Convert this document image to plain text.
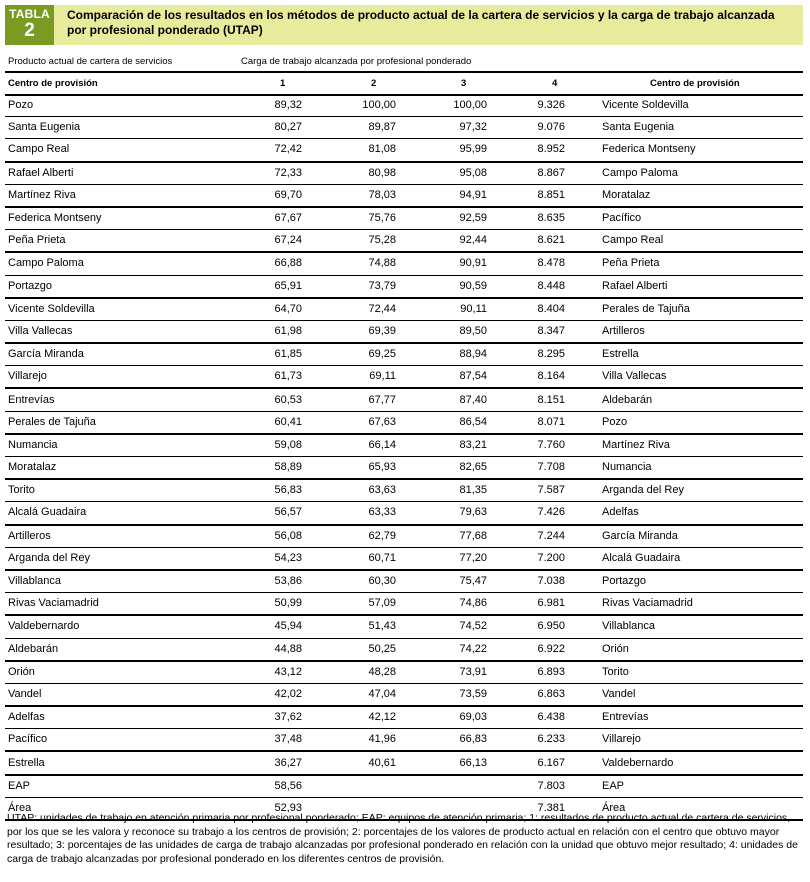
TABLA
2
Comparación de los resultados en los métodos de producto actual de la cartera de servicios y la carga de trabajo alcanzada por profesional ponderado (UTAP)
Producto actual de cartera de servicios	Carga de trabajo alcanzada por profesional ponderado
Centro de provisión	1	2	3	4	Centro de provisión
Pozo	89,32	100,00	100,00	9.326	Vicente Soldevilla
Santa Eugenia	80,27	89,87	97,32	9.076	Santa Eugenia
Campo Real	72,42	81,08	95,99	8.952	Federica Montseny
Rafael Alberti	72,33	80,98	95,08	8.867	Campo Paloma
Martínez Riva	69,70	78,03	94,91	8.851	Moratalaz
Federica Montseny	67,67	75,76	92,59	8.635	Pacífico
Peña Prieta	67,24	75,28	92,44	8.621	Campo Real
Campo Paloma	66,88	74,88	90,91	8.478	Peña Prieta
Portazgo	65,91	73,79	90,59	8.448	Rafael Alberti
Vicente Soldevilla	64,70	72,44	90,11	8.404	Perales de Tajuña
Villa Vallecas	61,98	69,39	89,50	8.347	Artilleros
García Miranda	61,85	69,25	88,94	8.295	Estrella
Villarejo	61,73	69,11	87,54	8.164	Villa Vallecas
Entrevías	60,53	67,77	87,40	8.151	Aldebarán
Perales de Tajuña	60,41	67,63	86,54	8.071	Pozo
Numancia	59,08	66,14	83,21	7.760	Martínez Riva
Moratalaz	58,89	65,93	82,65	7.708	Numancia
Torito	56,83	63,63	81,35	7.587	Arganda del Rey
Alcalá Guadaira	56,57	63,33	79,63	7.426	Adelfas
Artilleros	56,08	62,79	77,68	7.244	García Miranda
Arganda del Rey	54,23	60,71	77,20	7.200	Alcalá Guadaira
Villablanca	53,86	60,30	75,47	7.038	Portazgo
Rivas Vaciamadrid	50,99	57,09	74,86	6.981	Rivas Vaciamadrid
Valdebernardo	45,94	51,43	74,52	6.950	Villablanca
Aldebarán	44,88	50,25	74,22	6.922	Orión
Orión	43,12	48,28	73,91	6.893	Torito
Vandel	42,02	47,04	73,59	6.863	Vandel
Adelfas	37,62	42,12	69,03	6.438	Entrevías
Pacífico	37,48	41,96	66,83	6.233	Villarejo
Estrella	36,27	40,61	66,13	6.167	Valdebernardo
EAP	58,56			7.803	EAP
Área	52,93			7.381	Área
UTAP: unidades de trabajo en atención primaria por profesional ponderado; EAP: equipos de atención primaria; 1: resultados de producto actual de cartera de servicios, por los que se les valora y reconoce su trabajo a los centros de provisión; 2: porcentajes de los valores de producto actual en relación con el centro que obtuvo mayor resultado; 3: porcentajes de las unidades de carga de trabajo alcanzadas por profesional ponderado en relación con la unidad que obtuvo mejor resultado; 4: unidades de carga de trabajo alcanzadas por profesional ponderado en los diferentes centros de provisión.
